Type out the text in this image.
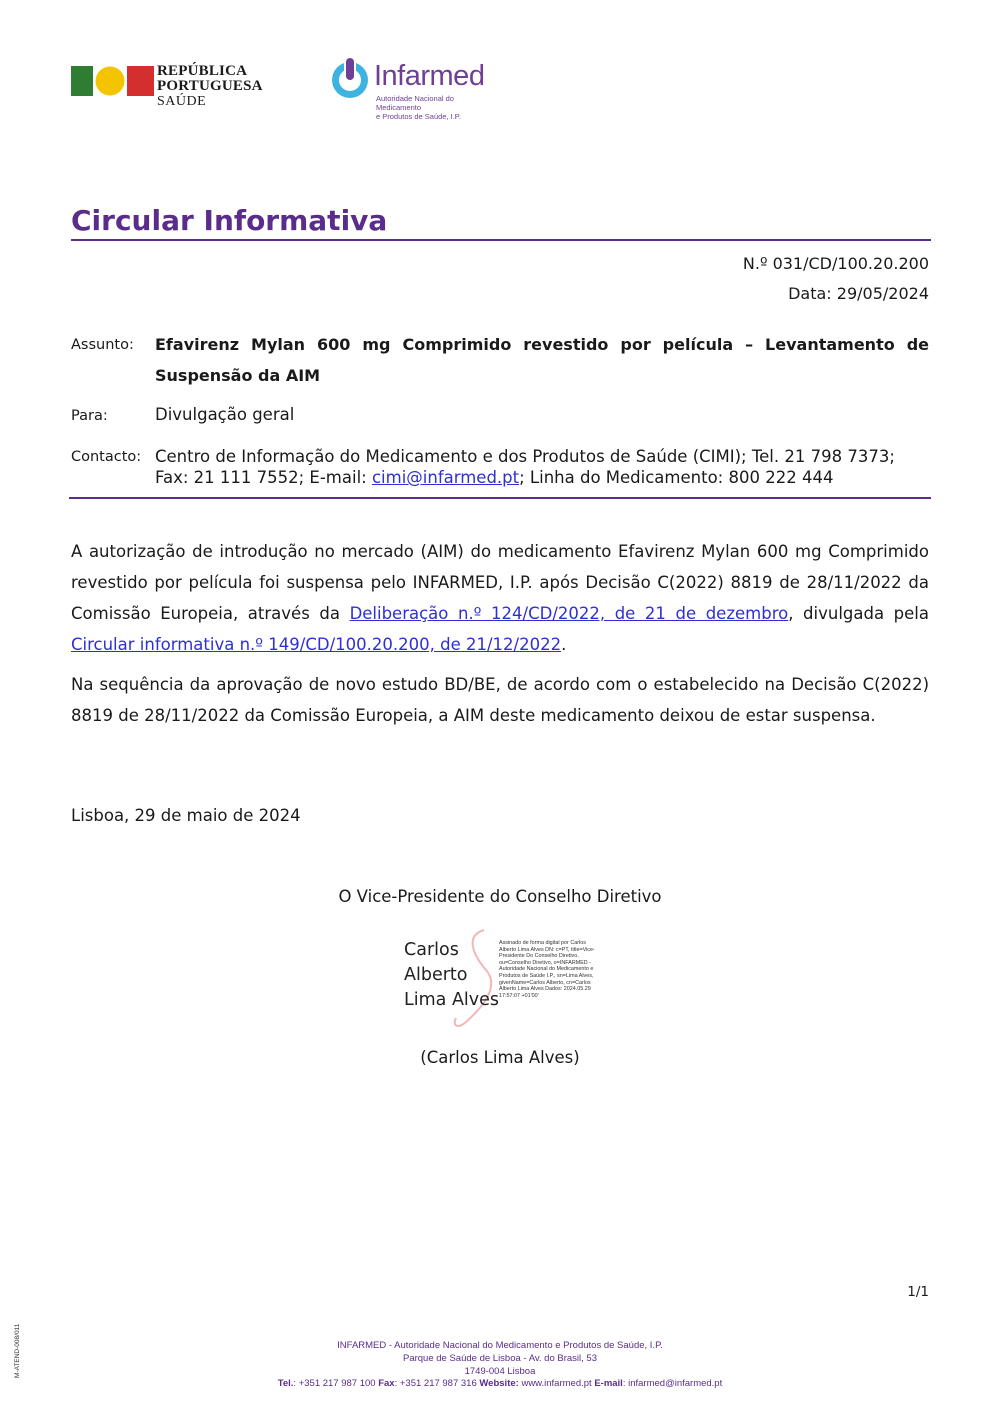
REPÚBLICA
PORTUGUESA
SAÚDE
Infarmed
Autoridade Nacional do Medicamento
e Produtos de Saúde, I.P.
Circular Informativa
N.º 031/CD/100.20.200
Data: 29/05/2024
Assunto: Efavirenz Mylan 600 mg Comprimido revestido por película – Levantamento de Suspensão da AIM
Para:	Divulgação geral
Contacto: Centro de Informação do Medicamento e dos Produtos de Saúde (CIMI); Tel. 21 798 7373;
Fax: 21 111 7552; E-mail: cimi@infarmed.pt; Linha do Medicamento: 800 222 444
A autorização de introdução no mercado (AIM) do medicamento Efavirenz Mylan 600 mg Comprimido revestido por película foi suspensa pelo INFARMED, I.P. após Decisão C(2022) 8819 de 28/11/2022 da Comissão Europeia, através da Deliberação n.º 124/CD/2022, de 21 de dezembro, divulgada pela Circular informativa n.º 149/CD/100.20.200, de 21/12/2022.
Na sequência da aprovação de novo estudo BD/BE, de acordo com o estabelecido na Decisão C(2022) 8819 de 28/11/2022 da Comissão Europeia, a AIM deste medicamento deixou de estar suspensa.
Lisboa, 29 de maio de 2024
O Vice-Presidente do Conselho Diretivo
Carlos
Alberto
Lima Alves
Assinado de forma digital por Carlos Alberto Lima Alves DN: c=PT, title=Vice-Presidente Do Conselho Diretivo, ou=Conselho Diretivo, o=INFARMED - Autoridade Nacional do Medicamento e Produtos de Saúde I.P., sn=Lima Alves, givenName=Carlos Alberto, cn=Carlos Alberto Lima Alves Dados: 2024.05.29 17:57:07 +01'00'
(Carlos Lima Alves)
1/1
M-ATEND-008/011	INFARMED - Autoridade Nacional do Medicamento e Produtos de Saúde, I.P.
Parque de Saúde de Lisboa - Av. do Brasil, 53
1749-004 Lisboa
Tel.: +351 217 987 100 Fax: +351 217 987 316 Website: www.infarmed.pt E-mail: infarmed@infarmed.pt
